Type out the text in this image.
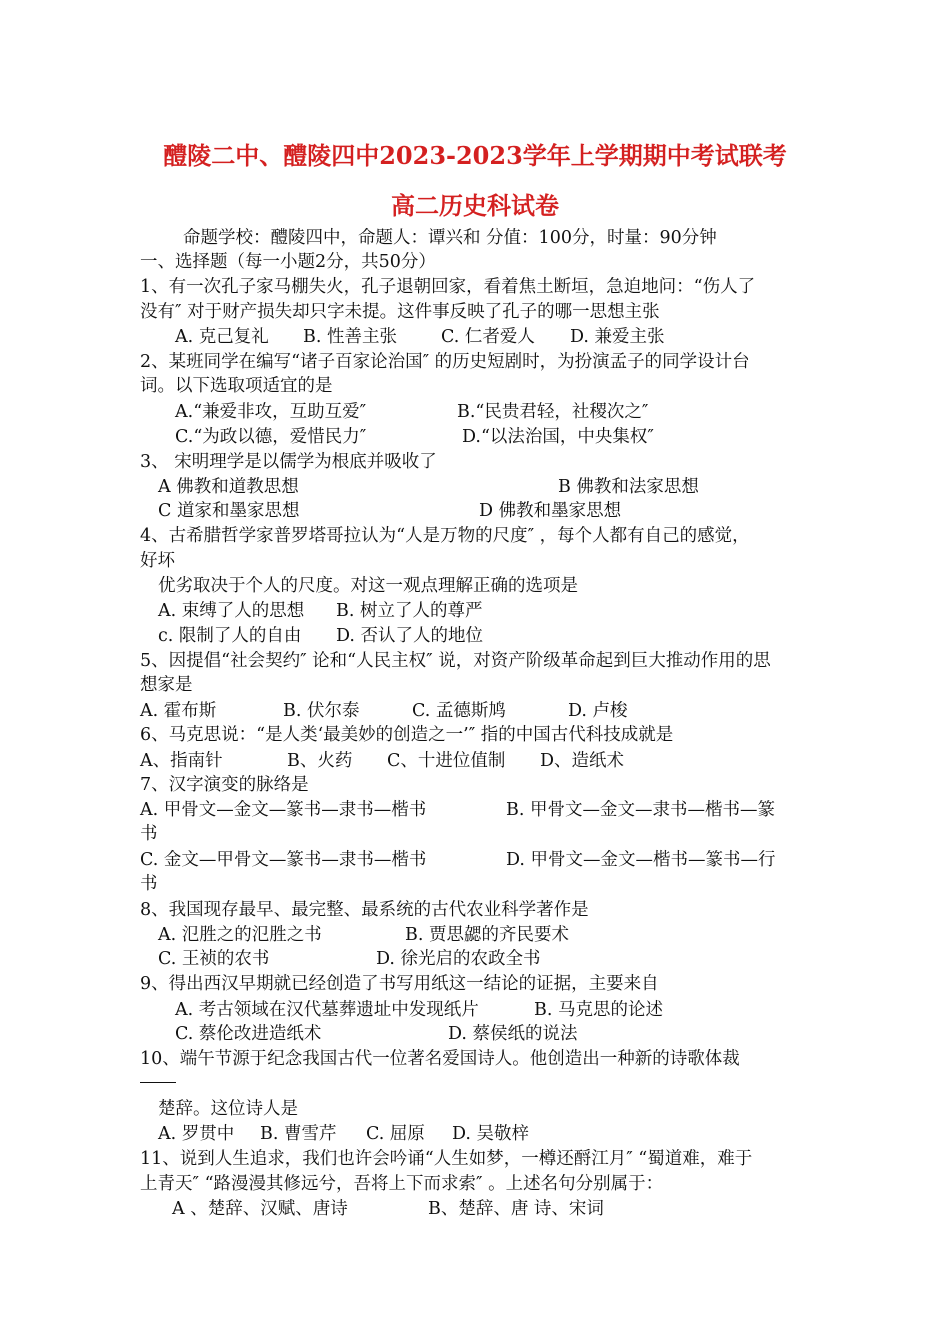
醴陵二中、醴陵四中2023-2023学年上学期期中考试联考
高二历史科试卷
命题学校：醴陵四中，命题人：谭兴和 分值：100分，时量：90分钟
一、选择题（每一小题2分，共50分）
1、有一次孔子家马棚失火，孔子退朝回家，看着焦土断垣，急迫地问：“伤人了
没有″ 对于财产损失却只字未提。这件事反映了孔子的哪一思想主张
A. 克己复礼 B. 性善主张	C. 仁者爱人 D. 兼爱主张
2、某班同学在编写“诸子百家论治国″ 的历史短剧时，为扮演孟子的同学设计台
词。以下选取项适宜的是
A.“兼爱非攻，互助互爱″	B.“民贵君轻，社稷次之″
C.“为政以德，爱惜民力″	D.“以法治国，中央集权″
3、 宋明理学是以儒学为根底并吸收了
A 佛教和道教思想	B 佛教和法家思想
C 道家和墨家思想	D 佛教和墨家思想
4、古希腊哲学家普罗塔哥拉认为“人是万物的尺度″ ，每个人都有自己的感觉，
好坏
优劣取决于个人的尺度。对这一观点理解正确的选项是
A. 束缚了人的思想 B. 树立了人的尊严
c. 限制了人的自由 D. 否认了人的地位
5、因提倡“社会契约″ 论和“人民主权″ 说，对资产阶级革命起到巨大推动作用的思
想家是
A. 霍布斯	B. 伏尔泰	C. 孟德斯鸠	D. 卢梭
6、马克思说：“是人类‘最美妙的创造之一’″ 指的中国古代科技成就是
A、指南针	B、火药 C、十进位值制 D、造纸术
7、汉字演变的脉络是
A. 甲骨文—金文—篆书—隶书—楷书	B. 甲骨文—金文—隶书—楷书—篆
书
C. 金文—甲骨文—篆书—隶书—楷书	D. 甲骨文—金文—楷书—篆书—行
书
8、我国现存最早、最完整、最系统的古代农业科学著作是
A. 氾胜之的氾胜之书	B. 贾思勰的齐民要术
C. 王祯的农书	D. 徐光启的农政全书
9、得出西汉早期就已经创造了书写用纸这一结论的证据，主要来自
A. 考古领域在汉代墓葬遗址中发现纸片	B. 马克思的论述
C. 蔡伦改进造纸术	D. 蔡侯纸的说法
10、端午节源于纪念我国古代一位著名爱国诗人。他创造出一种新的诗歌体裁
楚辞。这位诗人是
A. 罗贯中 B. 曹雪芹 C. 屈原 D. 吴敬梓
11、说到人生追求，我们也许会吟诵“人生如梦，一樽还酹江月″ “蜀道难，难于
上青天″ “路漫漫其修远兮，吾将上下而求索″ 。上述名句分别属于：
A 、楚辞、汉赋、唐诗	B、楚辞、唐 诗、宋词
